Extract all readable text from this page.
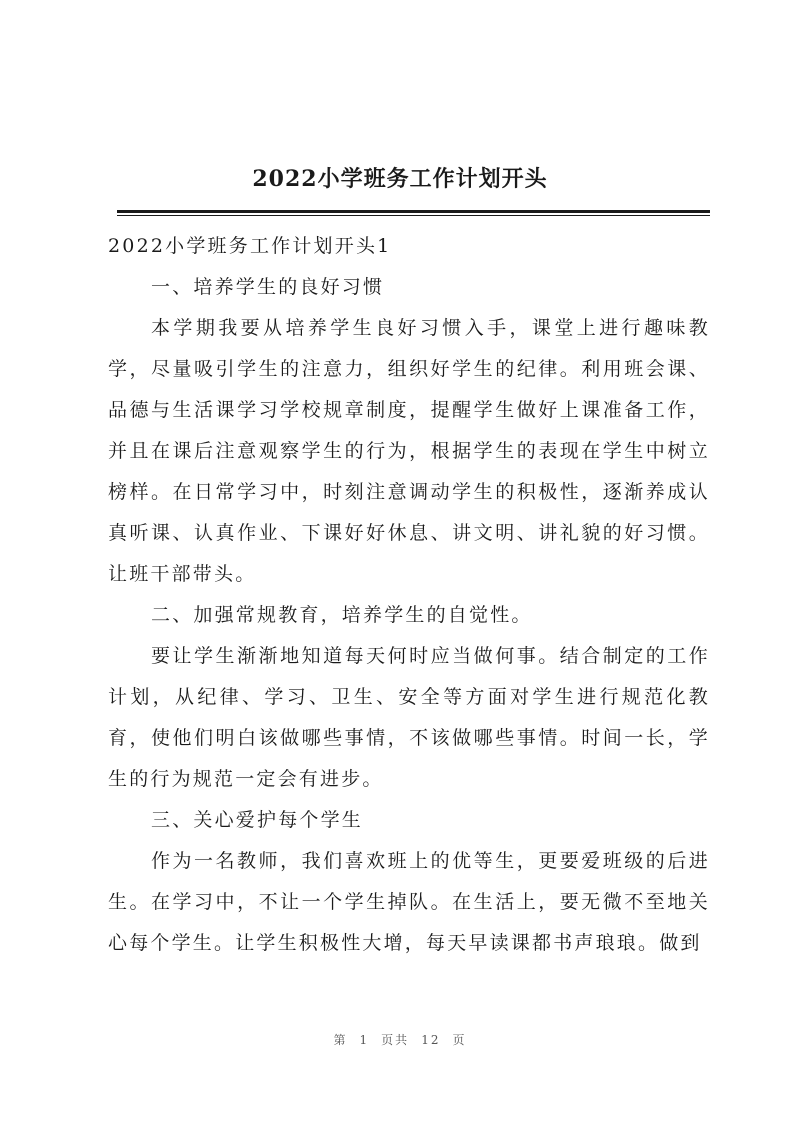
2022小学班务工作计划开头

2022小学班务工作计划开头1

一、培养学生的良好习惯

本学期我要从培养学生良好习惯入手，课堂上进行趣味教学，尽量吸引学生的注意力，组织好学生的纪律。利用班会课、品德与生活课学习学校规章制度，提醒学生做好上课准备工作，并且在课后注意观察学生的行为，根据学生的表现在学生中树立榜样。在日常学习中，时刻注意调动学生的积极性，逐渐养成认真听课、认真作业、下课好好休息、讲文明、讲礼貌的好习惯。让班干部带头。

二、加强常规教育，培养学生的自觉性。

要让学生渐渐地知道每天何时应当做何事。结合制定的工作计划，从纪律、学习、卫生、安全等方面对学生进行规范化教育，使他们明白该做哪些事情，不该做哪些事情。时间一长，学生的行为规范一定会有进步。

三、关心爱护每个学生

作为一名教师，我们喜欢班上的优等生，更要爱班级的后进生。在学习中，不让一个学生掉队。在生活上，要无微不至地关心每个学生。让学生积极性大增，每天早读课都书声琅琅。做到

第 1 页共 12 页
